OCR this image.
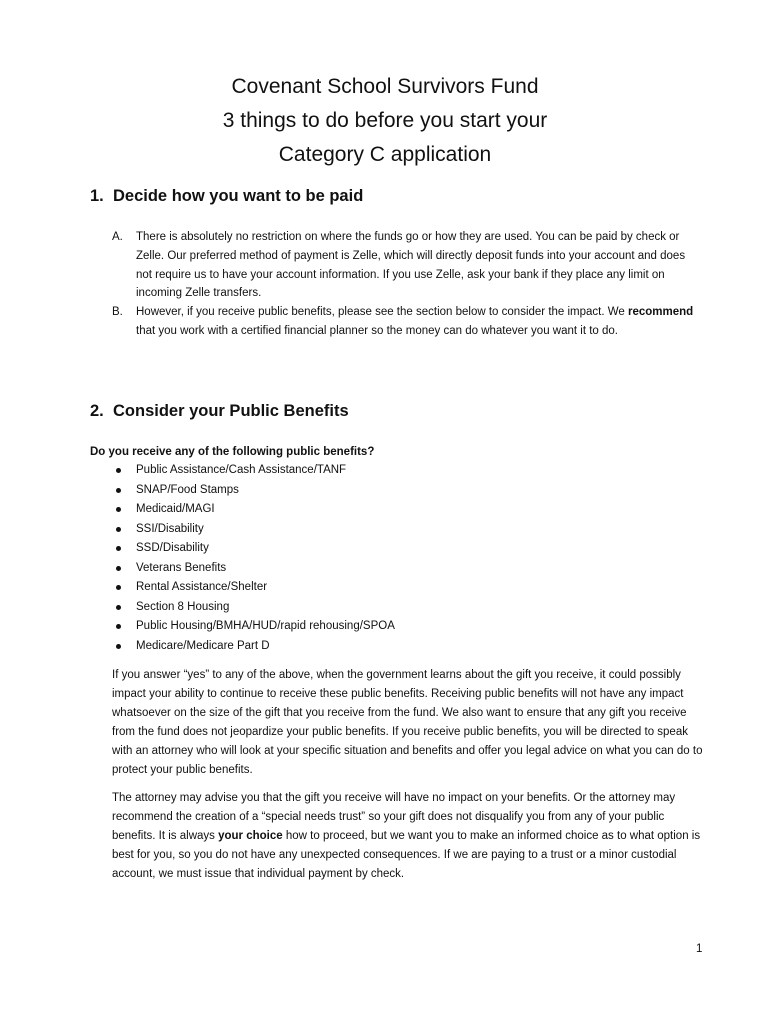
Covenant School Survivors Fund
3 things to do before you start your
Category C application
1. Decide how you want to be paid
A. There is absolutely no restriction on where the funds go or how they are used. You can be paid by check or Zelle. Our preferred method of payment is Zelle, which will directly deposit funds into your account and does not require us to have your account information. If you use Zelle, ask your bank if they place any limit on incoming Zelle transfers.
B. However, if you receive public benefits, please see the section below to consider the impact. We recommend that you work with a certified financial planner so the money can do whatever you want it to do.
2. Consider your Public Benefits

Do you receive any of the following public benefits?

Public Assistance/Cash Assistance/TANF
SNAP/Food Stamps
Medicaid/MAGI
SSI/Disability
SSD/Disability
Veterans Benefits
Rental Assistance/Shelter
Section 8 Housing
Public Housing/BMHA/HUD/rapid rehousing/SPOA
Medicare/Medicare Part D

If you answer “yes” to any of the above, when the government learns about the gift you receive, it could possibly impact your ability to continue to receive these public benefits. Receiving public benefits will not have any impact whatsoever on the size of the gift that you receive from the fund. We also want to ensure that any gift you receive from the fund does not jeopardize your public benefits. If you receive public benefits, you will be directed to speak with an attorney who will look at your specific situation and benefits and offer you legal advice on what you can do to protect your public benefits.

The attorney may advise you that the gift you receive will have no impact on your benefits. Or the attorney may recommend the creation of a “special needs trust” so your gift does not disqualify you from any of your public benefits. It is always your choice how to proceed, but we want you to make an informed choice as to what option is best for you, so you do not have any unexpected consequences. If we are paying to a trust or a minor custodial account, we must issue that individual payment by check.

1
